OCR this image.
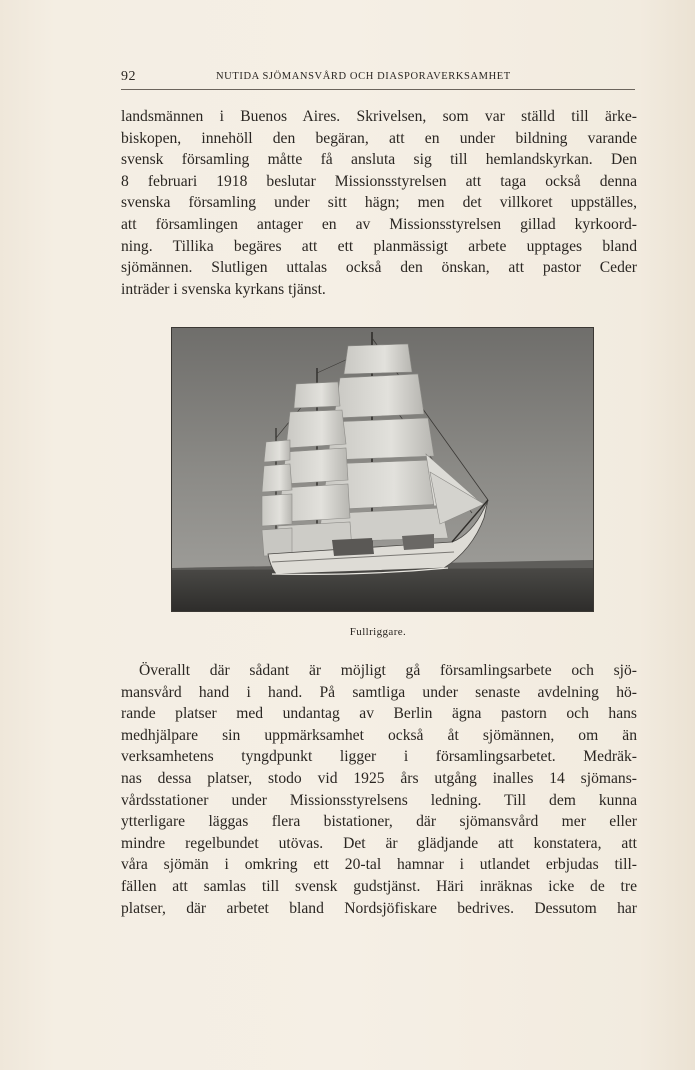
92	NUTIDA SJÖMANSVÅRD OCH DIASPORAVERKSAMHET
landsmännen i Buenos Aires. Skrivelsen, som var ställd till ärke-
biskopen, innehöll den begäran, att en under bildning varande
svensk församling måtte få ansluta sig till hemlandskyrkan. Den
8 februari 1918 beslutar Missionsstyrelsen att taga också denna
svenska församling under sitt hägn; men det villkoret uppställes,
att församlingen antager en av Missionsstyrelsen gillad kyrkoord-
ning. Tillika begäres att ett planmässigt arbete upptages bland
sjömännen. Slutligen uttalas också den önskan, att pastor Ceder
inträder i svenska kyrkans tjänst.
Fullriggare.
Överallt där sådant är möjligt gå församlingsarbete och sjö-
mansvård hand i hand. På samtliga under senaste avdelning hö-
rande platser med undantag av Berlin ägna pastorn och hans
medhjälpare sin uppmärksamhet också åt sjömännen, om än
verksamhetens tyngdpunkt ligger i församlingsarbetet. Medräk-
nas dessa platser, stodo vid 1925 års utgång inalles 14 sjömans-
vårdsstationer under Missionsstyrelsens ledning. Till dem kunna
ytterligare läggas flera bistationer, där sjömansvård mer eller
mindre regelbundet utövas. Det är glädjande att konstatera, att
våra sjömän i omkring ett 20-tal hamnar i utlandet erbjudas till-
fällen att samlas till svensk gudstjänst. Häri inräknas icke de tre
platser, där arbetet bland Nordsjöfiskare bedrives. Dessutom har
